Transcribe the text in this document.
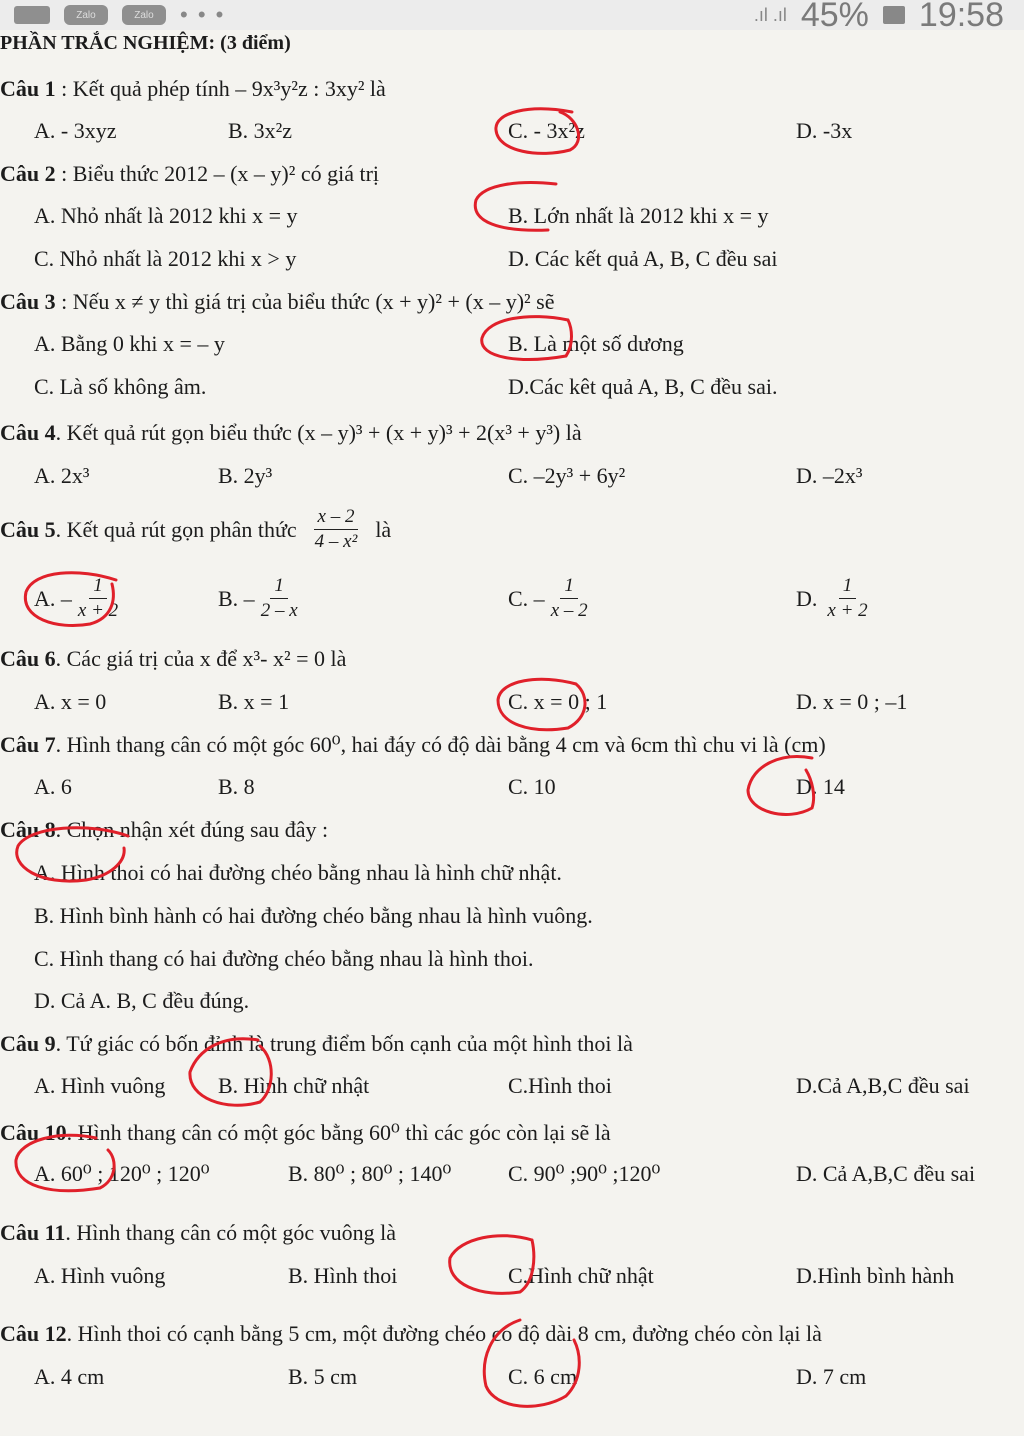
Zalo	Zalo	• • •	.ıl .ıl 45% 19:58
PHẦN TRẮC NGHIỆM: (3 điểm)
Câu 1 : Kết quả phép tính – 9x³y²z : 3xy² là
A. - 3xyz	B. 3x²z	C. - 3x²z	D. -3x
Câu 2 : Biểu thức 2012 – (x – y)² có giá trị
A. Nhỏ nhất là 2012 khi x = y	B. Lớn nhất là 2012 khi x = y
C. Nhỏ nhất là 2012 khi x > y	D. Các kết quả A, B, C đều sai
Câu 3 : Nếu x ≠ y thì giá trị của biểu thức (x + y)² + (x – y)² sẽ
A. Bằng 0 khi x = – y	B. Là một số dương
C. Là số không âm.	D.Các kêt quả A, B, C đều sai.
Câu 4. Kết quả rút gọn biểu thức (x – y)³ + (x + y)³ + 2(x³ + y³) là
A. 2x³	B. 2y³	C. –2y³ + 6y²	D. –2x³
Câu 5. Kết quả rút gọn phân thức $\frac{x - 2}{\text{4 – x²}}$ là
A. – $\frac{1}{x + 2}$	B. – $\frac{1}{2 - x}$	C. – $\frac{1}{x - 2}$	D. $\frac{1}{x + 2}$
Câu 6. Các giá trị của x để x³- x² = 0 là
A. x = 0	B. x = 1	C. x = 0 ; 1	D. x = 0 ; –1
Câu 7. Hình thang cân có một góc 60⁰, hai đáy có độ dài bằng 4 cm và 6cm thì chu vi là (cm)
A. 6	B. 8	C. 10	D. 14
Câu 8. Chọn nhận xét đúng sau đây :
A. Hình thoi có hai đường chéo bằng nhau là hình chữ nhật.
B. Hình bình hành có hai đường chéo bằng nhau là hình vuông.
C. Hình thang có hai đường chéo bằng nhau là hình thoi.
D. Cả A. B, C đều đúng.
Câu 9. Tứ giác có bốn đỉnh là trung điểm bốn cạnh của một hình thoi là
A. Hình vuông B. Hình chữ nhật	C.Hình thoi	D.Cả A,B,C đều sai
Câu 10. Hình thang cân có một góc bằng 60⁰ thì các góc còn lại sẽ là
A. 60⁰ ; 120⁰ ; 120⁰	B. 80⁰ ; 80⁰ ; 140⁰	C. 90⁰ ;90⁰ ;120⁰	D. Cả A,B,C đều sai
Câu 11. Hình thang cân có một góc vuông là
A. Hình vuông	B. Hình thoi	C.Hình chữ nhật	D.Hình bình hành
Câu 12. Hình thoi có cạnh bằng 5 cm, một đường chéo có độ dài 8 cm, đường chéo còn lại là
A. 4 cm	B. 5 cm	C. 6 cm	D. 7 cm
